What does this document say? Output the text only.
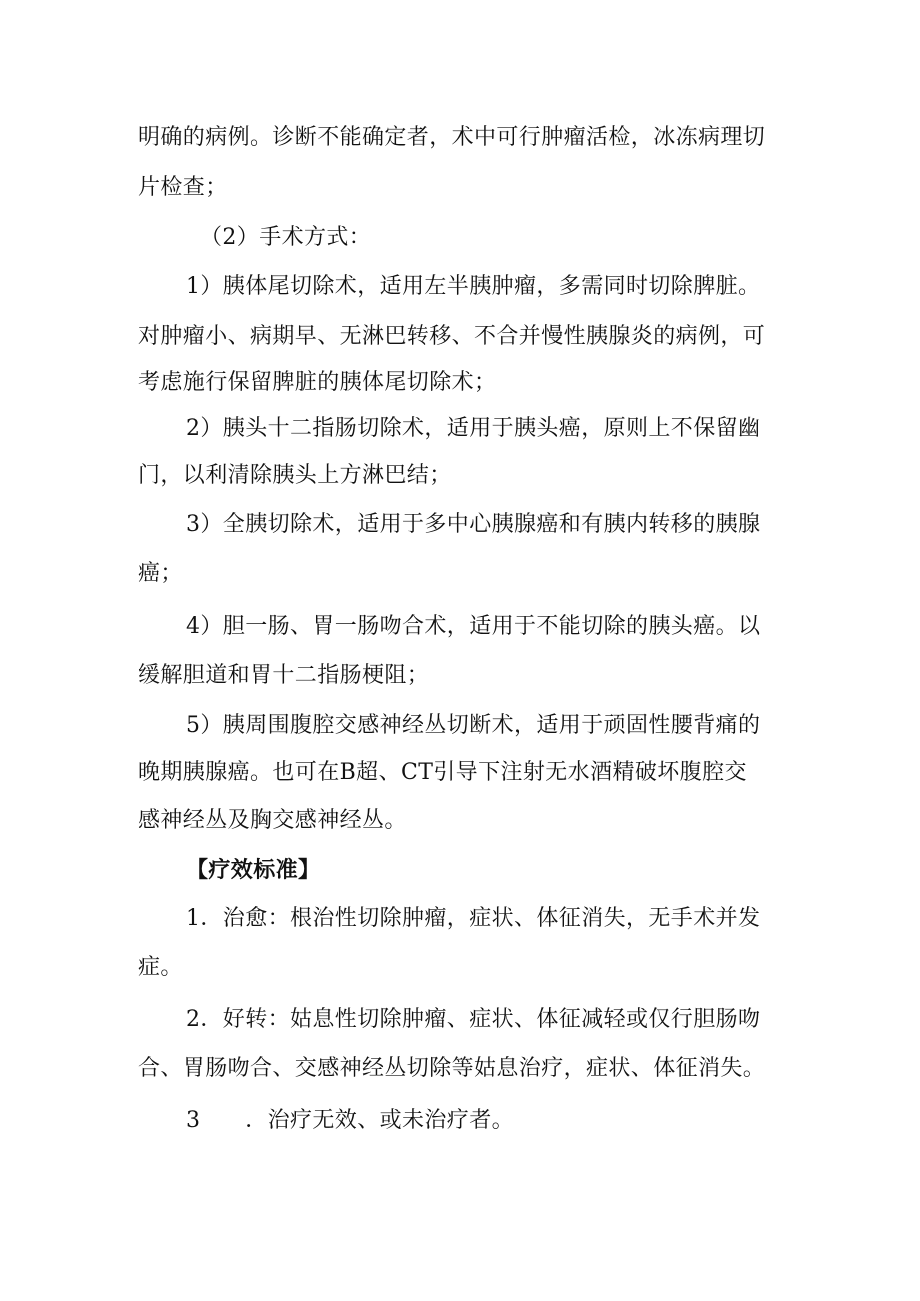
明确的病例。诊断不能确定者，术中可行肿瘤活检，冰冻病理切

片检查；

（2）手术方式：

1）胰体尾切除术，适用左半胰肿瘤，多需同时切除脾脏。

对肿瘤小、病期早、无淋巴转移、不合并慢性胰腺炎的病例，可

考虑施行保留脾脏的胰体尾切除术；

2）胰头十二指肠切除术，适用于胰头癌，原则上不保留幽

门，以利清除胰头上方淋巴结；

3）全胰切除术，适用于多中心胰腺癌和有胰内转移的胰腺

癌；

4）胆一肠、胃一肠吻合术，适用于不能切除的胰头癌。以

缓解胆道和胃十二指肠梗阻；

5）胰周围腹腔交感神经丛切断术，适用于顽固性腰背痛的

晚期胰腺癌。也可在B超、CT引导下注射无水酒精破坏腹腔交

感神经丛及胸交感神经丛。

【疗效标准】

1．治愈：根治性切除肿瘤，症状、体征消失，无手术并发

症。

2．好转：姑息性切除肿瘤、症状、体征减轻或仅行胆肠吻

合、胃肠吻合、交感神经丛切除等姑息治疗，症状、体征消失。

3　　．治疗无效、或未治疗者。
